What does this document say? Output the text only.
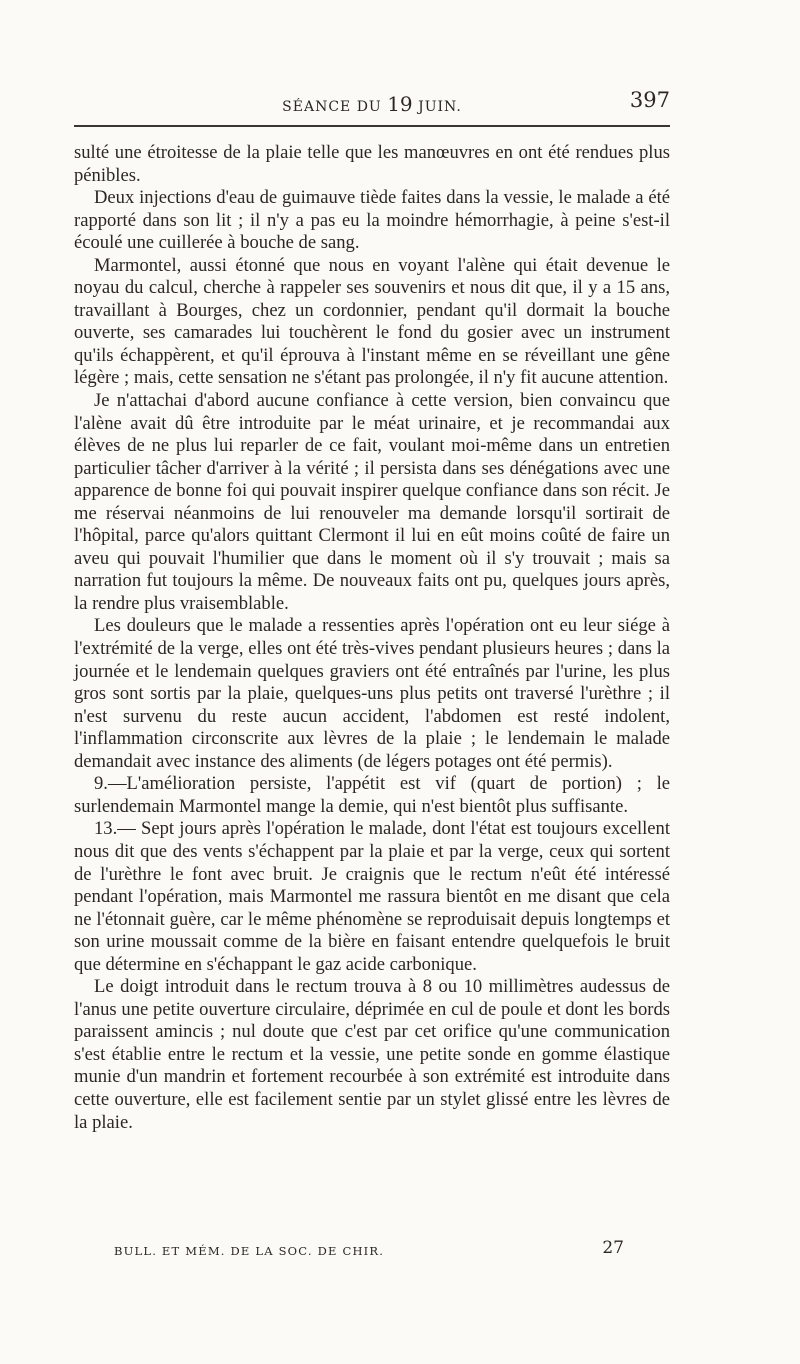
SÉANCE DU 19 JUIN.	397

sulté une étroitesse de la plaie telle que les manœuvres en ont été rendues plus pénibles.

Deux injections d'eau de guimauve tiède faites dans la vessie, le malade a été rapporté dans son lit ; il n'y a pas eu la moindre hémorrhagie, à peine s'est-il écoulé une cuillerée à bouche de sang.

Marmontel, aussi étonné que nous en voyant l'alène qui était devenue le noyau du calcul, cherche à rappeler ses souvenirs et nous dit que, il y a 15 ans, travaillant à Bourges, chez un cordonnier, pendant qu'il dormait la bouche ouverte, ses camarades lui touchèrent le fond du gosier avec un instrument qu'ils échappèrent, et qu'il éprouva à l'instant même en se réveillant une gêne légère ; mais, cette sensation ne s'étant pas prolongée, il n'y fit aucune attention.

Je n'attachai d'abord aucune confiance à cette version, bien convaincu que l'alène avait dû être introduite par le méat urinaire, et je recommandai aux élèves de ne plus lui reparler de ce fait, voulant moi-même dans un entretien particulier tâcher d'arriver à la vérité ; il persista dans ses dénégations avec une apparence de bonne foi qui pouvait inspirer quelque confiance dans son récit. Je me réservai néanmoins de lui renouveler ma demande lorsqu'il sortirait de l'hôpital, parce qu'alors quittant Clermont il lui en eût moins coûté de faire un aveu qui pouvait l'humilier que dans le moment où il s'y trouvait ; mais sa narration fut toujours la même. De nouveaux faits ont pu, quelques jours après, la rendre plus vraisemblable.

Les douleurs que le malade a ressenties après l'opération ont eu leur siége à l'extrémité de la verge, elles ont été très-vives pendant plusieurs heures ; dans la journée et le lendemain quelques graviers ont été entraînés par l'urine, les plus gros sont sortis par la plaie, quelques-uns plus petits ont traversé l'urèthre ; il n'est survenu du reste aucun accident, l'abdomen est resté indolent, l'inflammation circonscrite aux lèvres de la plaie ; le lendemain le malade demandait avec instance des aliments (de légers potages ont été permis).

9.—L'amélioration persiste, l'appétit est vif (quart de portion) ; le surlendemain Marmontel mange la demie, qui n'est bientôt plus suffisante.

13.— Sept jours après l'opération le malade, dont l'état est toujours excellent nous dit que des vents s'échappent par la plaie et par la verge, ceux qui sortent de l'urèthre le font avec bruit. Je craignis que le rectum n'eût été intéressé pendant l'opération, mais Marmontel me rassura bientôt en me disant que cela ne l'étonnait guère, car le même phénomène se reproduisait depuis longtemps et son urine moussait comme de la bière en faisant entendre quelquefois le bruit que détermine en s'échappant le gaz acide carbonique.

Le doigt introduit dans le rectum trouva à 8 ou 10 millimètres audessus de l'anus une petite ouverture circulaire, déprimée en cul de poule et dont les bords paraissent amincis ; nul doute que c'est par cet orifice qu'une communication s'est établie entre le rectum et la vessie, une petite sonde en gomme élastique munie d'un mandrin et fortement recourbée à son extrémité est introduite dans cette ouverture, elle est facilement sentie par un stylet glissé entre les lèvres de la plaie.

BULL. ET MÉM. DE LA SOC. DE CHIR.	27
